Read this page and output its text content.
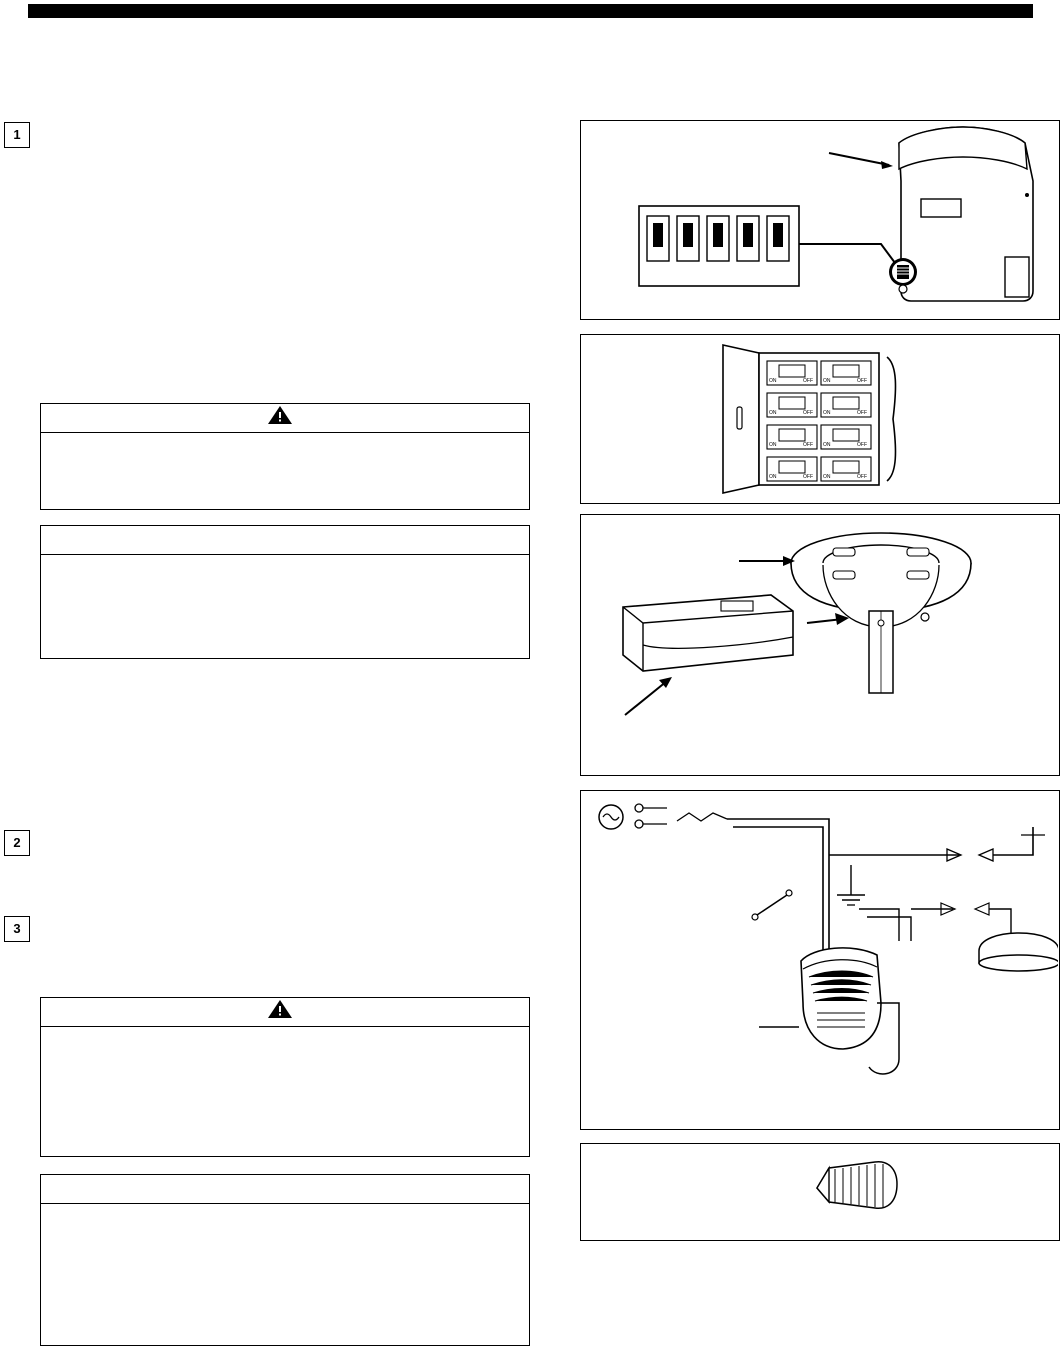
1
2
3

ON	OFF ON	OFF
ON	OFF ON	OFF
ON	OFF ON	OFF
ON	OFF ON	OFF
